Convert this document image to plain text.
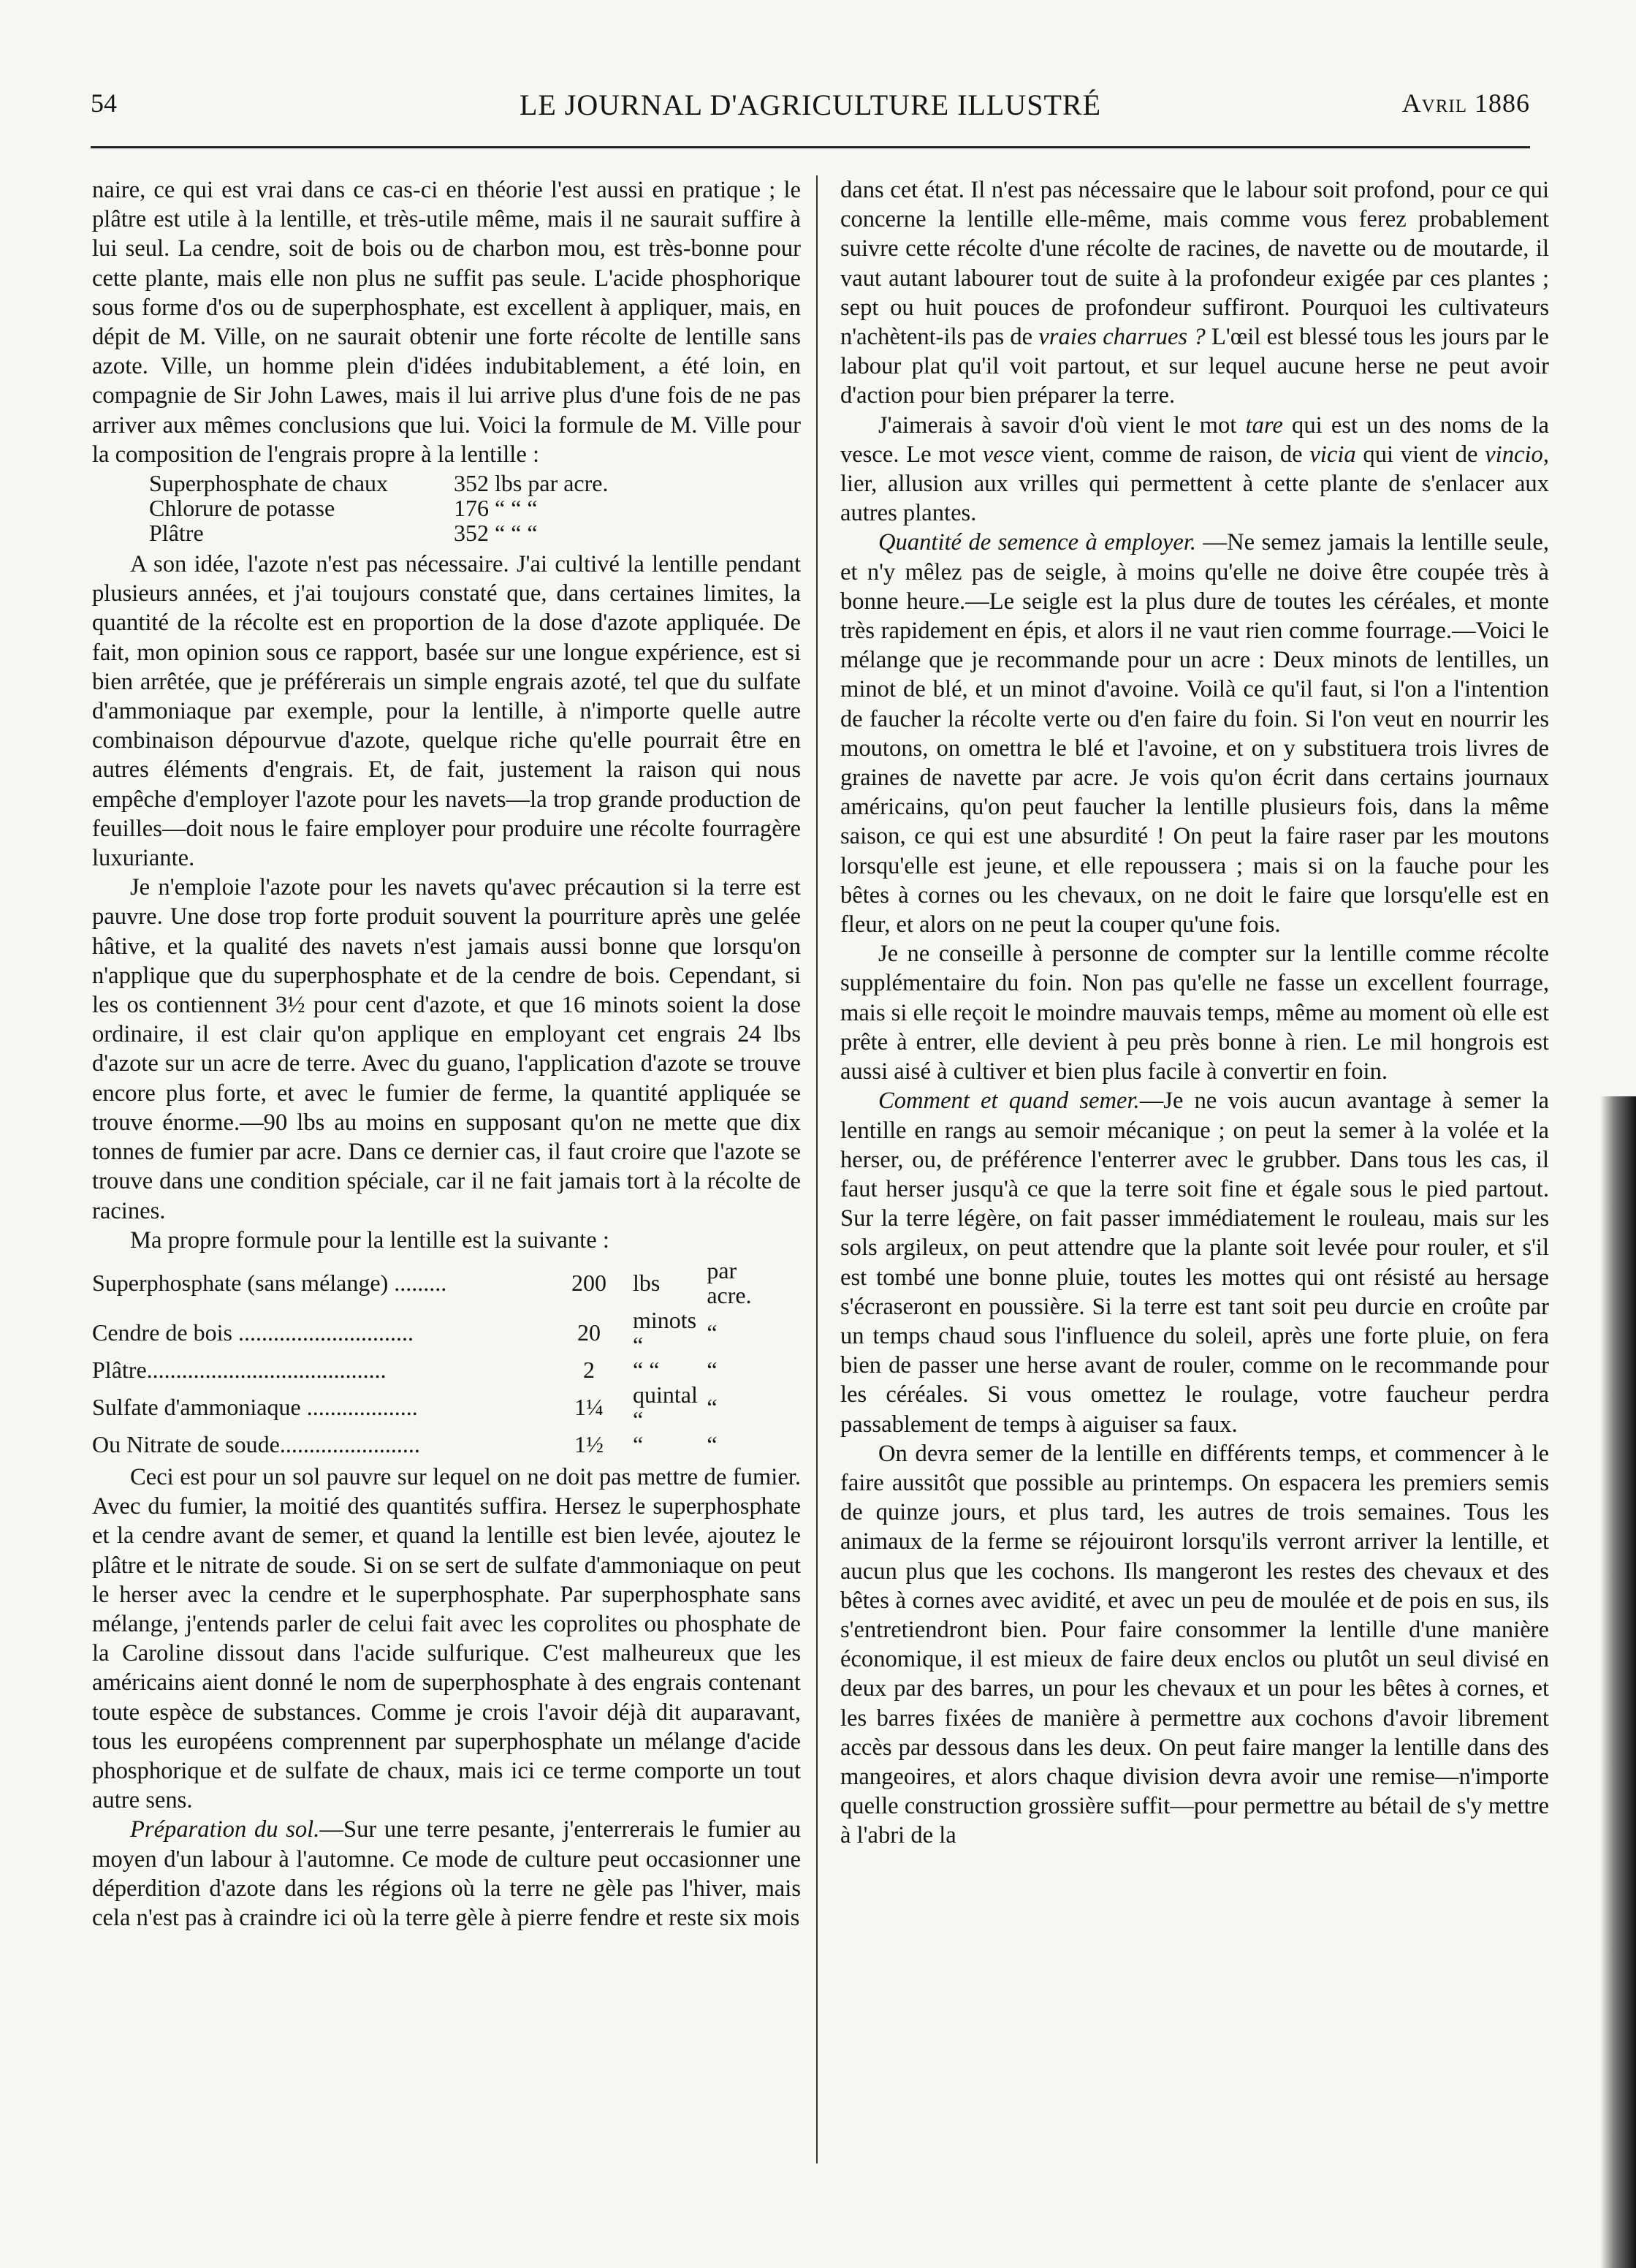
54	LE JOURNAL D'AGRICULTURE ILLUSTRÉ	Avril 1886

naire, ce qui est vrai dans ce cas-ci en théorie l'est aussi en pratique ; le plâtre est utile à la lentille, et très-utile même, mais il ne saurait suffire à lui seul. La cendre, soit de bois ou de charbon mou, est très-bonne pour cette plante, mais elle non plus ne suffit pas seule. L'acide phosphorique sous forme d'os ou de superphosphate, est excellent à appliquer, mais, en dépit de M. Ville, on ne saurait obtenir une forte récolte de lentille sans azote. Ville, un homme plein d'idées indubitablement, a été loin, en compagnie de Sir John Lawes, mais il lui arrive plus d'une fois de ne pas arriver aux mêmes conclusions que lui. Voici la formule de M. Ville pour la composition de l'engrais propre à la lentille :

Superphosphate de chaux	352 lbs par acre.
Chlorure de potasse	176 “ “ “
Plâtre	352 “ “ “

A son idée, l'azote n'est pas nécessaire. J'ai cultivé la lentille pendant plusieurs années, et j'ai toujours constaté que, dans certaines limites, la quantité de la récolte est en proportion de la dose d'azote appliquée. De fait, mon opinion sous ce rapport, basée sur une longue expérience, est si bien arrêtée, que je préférerais un simple engrais azoté, tel que du sulfate d'ammoniaque par exemple, pour la lentille, à n'importe quelle autre combinaison dépourvue d'azote, quelque riche qu'elle pourrait être en autres éléments d'engrais. Et, de fait, justement la raison qui nous empêche d'employer l'azote pour les navets—la trop grande production de feuilles—doit nous le faire employer pour produire une récolte fourragère luxuriante.

Je n'emploie l'azote pour les navets qu'avec précaution si la terre est pauvre. Une dose trop forte produit souvent la pourriture après une gelée hâtive, et la qualité des navets n'est jamais aussi bonne que lorsqu'on n'applique que du superphosphate et de la cendre de bois. Cependant, si les os contiennent 3½ pour cent d'azote, et que 16 minots soient la dose ordinaire, il est clair qu'on applique en employant cet engrais 24 lbs d'azote sur un acre de terre. Avec du guano, l'application d'azote se trouve encore plus forte, et avec le fumier de ferme, la quantité appliquée se trouve énorme.—90 lbs au moins en supposant qu'on ne mette que dix tonnes de fumier par acre. Dans ce dernier cas, il faut croire que l'azote se trouve dans une condition spéciale, car il ne fait jamais tort à la récolte de racines.

Ma propre formule pour la lentille est la suivante :

Superphosphate (sans mélange) .........	200	lbs	par acre.
Cendre de bois ..............................	20	minots “	“
Plâtre.........................................	2	“ “	“
Sulfate d'ammoniaque ...................	1¼	quintal “	“
Ou Nitrate de soude........................	1½	“	“

Ceci est pour un sol pauvre sur lequel on ne doit pas mettre de fumier. Avec du fumier, la moitié des quantités suffira. Hersez le superphosphate et la cendre avant de semer, et quand la lentille est bien levée, ajoutez le plâtre et le nitrate de soude. Si on se sert de sulfate d'ammoniaque on peut le herser avec la cendre et le superphosphate. Par superphosphate sans mélange, j'entends parler de celui fait avec les coprolites ou phosphate de la Caroline dissout dans l'acide sulfurique. C'est malheureux que les américains aient donné le nom de superphosphate à des engrais contenant toute espèce de substances. Comme je crois l'avoir déjà dit auparavant, tous les européens comprennent par superphosphate un mélange d'acide phosphorique et de sulfate de chaux, mais ici ce terme comporte un tout autre sens.

Préparation du sol.—Sur une terre pesante, j'enterrerais le fumier au moyen d'un labour à l'automne. Ce mode de culture peut occasionner une déperdition d'azote dans les régions où la terre ne gèle pas l'hiver, mais cela n'est pas à craindre ici où la terre gèle à pierre fendre et reste six mois

dans cet état. Il n'est pas nécessaire que le labour soit profond, pour ce qui concerne la lentille elle-même, mais comme vous ferez probablement suivre cette récolte d'une récolte de racines, de navette ou de moutarde, il vaut autant labourer tout de suite à la profondeur exigée par ces plantes ; sept ou huit pouces de profondeur suffiront. Pourquoi les cultivateurs n'achètent-ils pas de vraies charrues ? L'œil est blessé tous les jours par le labour plat qu'il voit partout, et sur lequel aucune herse ne peut avoir d'action pour bien préparer la terre.

J'aimerais à savoir d'où vient le mot tare qui est un des noms de la vesce. Le mot vesce vient, comme de raison, de vicia qui vient de vincio, lier, allusion aux vrilles qui permettent à cette plante de s'enlacer aux autres plantes.

Quantité de semence à employer. —Ne semez jamais la lentille seule, et n'y mêlez pas de seigle, à moins qu'elle ne doive être coupée très à bonne heure.—Le seigle est la plus dure de toutes les céréales, et monte très rapidement en épis, et alors il ne vaut rien comme fourrage.—Voici le mélange que je recommande pour un acre : Deux minots de lentilles, un minot de blé, et un minot d'avoine. Voilà ce qu'il faut, si l'on a l'intention de faucher la récolte verte ou d'en faire du foin. Si l'on veut en nourrir les moutons, on omettra le blé et l'avoine, et on y substituera trois livres de graines de navette par acre. Je vois qu'on écrit dans certains journaux américains, qu'on peut faucher la lentille plusieurs fois, dans la même saison, ce qui est une absurdité ! On peut la faire raser par les moutons lorsqu'elle est jeune, et elle repoussera ; mais si on la fauche pour les bêtes à cornes ou les chevaux, on ne doit le faire que lorsqu'elle est en fleur, et alors on ne peut la couper qu'une fois.

Je ne conseille à personne de compter sur la lentille comme récolte supplémentaire du foin. Non pas qu'elle ne fasse un excellent fourrage, mais si elle reçoit le moindre mauvais temps, même au moment où elle est prête à entrer, elle devient à peu près bonne à rien. Le mil hongrois est aussi aisé à cultiver et bien plus facile à convertir en foin.

Comment et quand semer.—Je ne vois aucun avantage à semer la lentille en rangs au semoir mécanique ; on peut la semer à la volée et la herser, ou, de préférence l'enterrer avec le grubber. Dans tous les cas, il faut herser jusqu'à ce que la terre soit fine et égale sous le pied partout. Sur la terre légère, on fait passer immédiatement le rouleau, mais sur les sols argileux, on peut attendre que la plante soit levée pour rouler, et s'il est tombé une bonne pluie, toutes les mottes qui ont résisté au hersage s'écraseront en poussière. Si la terre est tant soit peu durcie en croûte par un temps chaud sous l'influence du soleil, après une forte pluie, on fera bien de passer une herse avant de rouler, comme on le recommande pour les céréales. Si vous omettez le roulage, votre faucheur perdra passablement de temps à aiguiser sa faux.

On devra semer de la lentille en différents temps, et commencer à le faire aussitôt que possible au printemps. On espacera les premiers semis de quinze jours, et plus tard, les autres de trois semaines. Tous les animaux de la ferme se réjouiront lorsqu'ils verront arriver la lentille, et aucun plus que les cochons. Ils mangeront les restes des chevaux et des bêtes à cornes avec avidité, et avec un peu de moulée et de pois en sus, ils s'entretiendront bien. Pour faire consommer la lentille d'une manière économique, il est mieux de faire deux enclos ou plutôt un seul divisé en deux par des barres, un pour les chevaux et un pour les bêtes à cornes, et les barres fixées de manière à permettre aux cochons d'avoir librement accès par dessous dans les deux. On peut faire manger la lentille dans des mangeoires, et alors chaque division devra avoir une remise—n'importe quelle construction grossière suffit—pour permettre au bétail de s'y mettre à l'abri de la
